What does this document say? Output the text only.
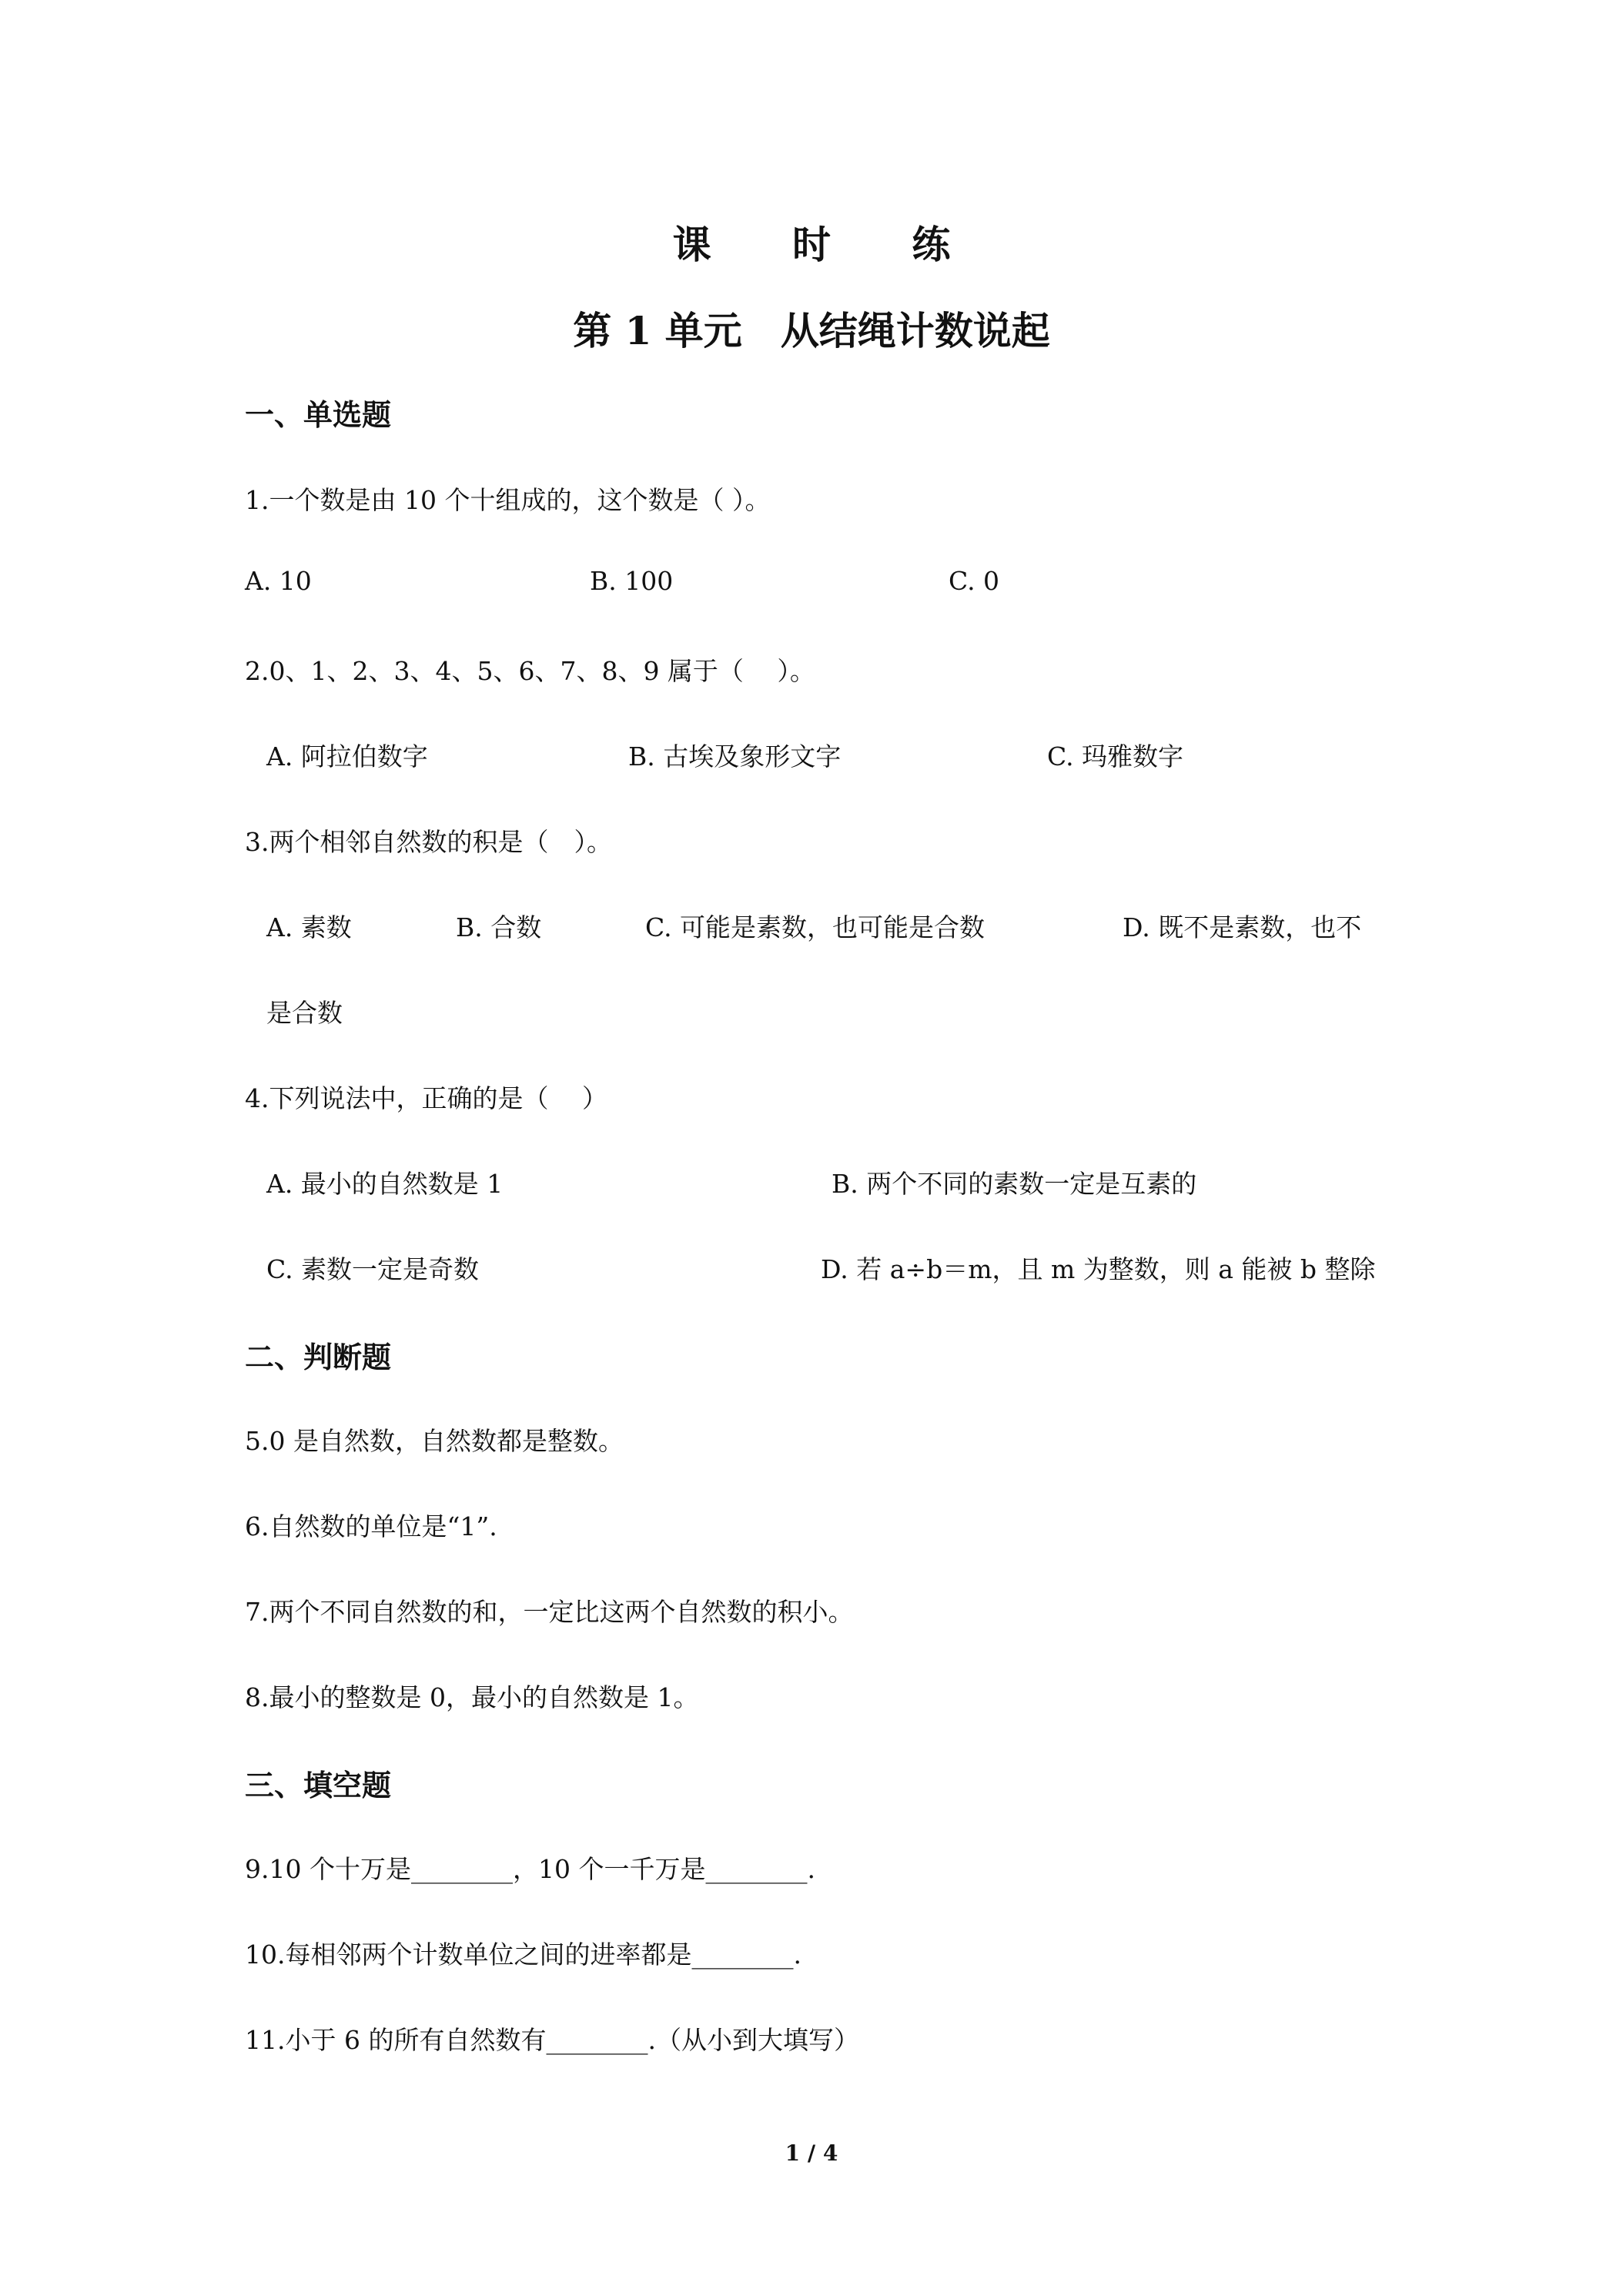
课 时 练
第 1 单元　从结绳计数说起
一、单选题
1.一个数是由 10 个十组成的，这个数是（ ）。
A. 10	B. 100	C. 0
2.0、1、2、3、4、5、6、7、8、9 属于（　 ）。
A. 阿拉伯数字	B. 古埃及象形文字	C. 玛雅数字
3.两个相邻自然数的积是（　）。
A. 素数	B. 合数	C. 可能是素数，也可能是合数	D. 既不是素数，也不
是合数
4.下列说法中，正确的是（　 ）
A. 最小的自然数是 1	B. 两个不同的素数一定是互素的
C. 素数一定是奇数	D. 若 a÷b＝m，且 m 为整数，则 a 能被 b 整除
二、判断题
5.0 是自然数，自然数都是整数。
6.自然数的单位是“1”.
7.两个不同自然数的和，一定比这两个自然数的积小。
8.最小的整数是 0，最小的自然数是 1。
三、填空题
9.10 个十万是________，10 个一千万是________.
10.每相邻两个计数单位之间的进率都是________.
11.小于 6 的所有自然数有________.（从小到大填写）
1 / 4
